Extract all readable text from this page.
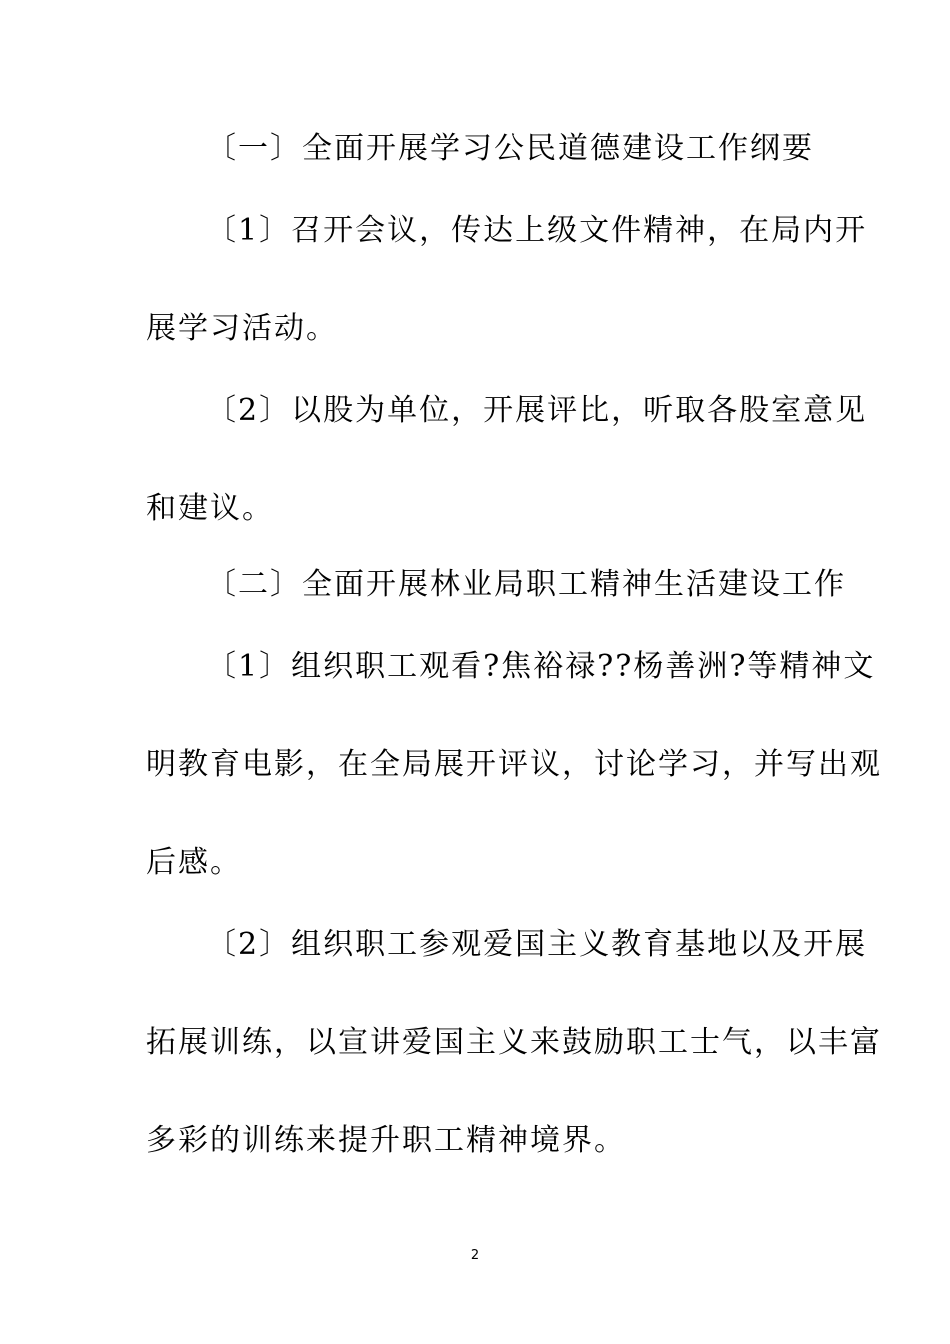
〔一〕全面开展学习公民道德建设工作纲要
〔1〕召开会议，传达上级文件精神，在局内开
展学习活动。
〔2〕以股为单位，开展评比，听取各股室意见
和建议。
〔二〕全面开展林业局职工精神生活建设工作
〔1〕组织职工观看?焦裕禄??杨善洲?等精神文
明教育电影，在全局展开评议，讨论学习，并写出观
后感。
〔2〕组织职工参观爱国主义教育基地以及开展
拓展训练，以宣讲爱国主义来鼓励职工士气，以丰富
多彩的训练来提升职工精神境界。
2
